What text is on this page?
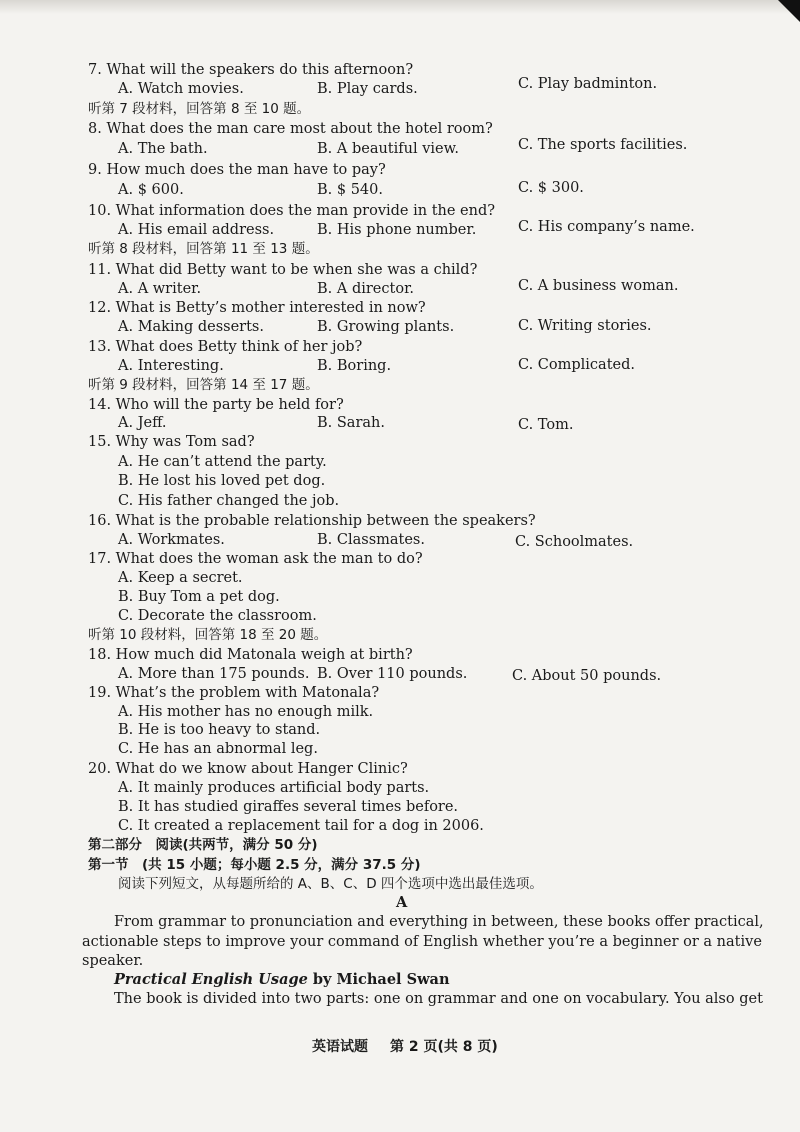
7. What will the speakers do this afternoon?
A. Watch movies.	B. Play cards.	C. Play badminton.
听第 7 段材料，回答第 8 至 10 题。
8. What does the man care most about the hotel room?
A. The bath.	B. A beautiful view.	C. The sports facilities.
9. How much does the man have to pay?
A. $ 600.	B. $ 540.	C. $ 300.
10. What information does the man provide in the end?
A. His email address.	B. His phone number.	C. His company’s name.
听第 8 段材料，回答第 11 至 13 题。
11. What did Betty want to be when she was a child?
A. A writer.	B. A director.	C. A business woman.
12. What is Betty’s mother interested in now?
A. Making desserts.	B. Growing plants.	C. Writing stories.
13. What does Betty think of her job?
A. Interesting.	B. Boring.	C. Complicated.
听第 9 段材料，回答第 14 至 17 题。
14. Who will the party be held for?
A. Jeff.	B. Sarah.	C. Tom.
15. Why was Tom sad?
A. He can’t attend the party.
B. He lost his loved pet dog.
C. His father changed the job.
16. What is the probable relationship between the speakers?
A. Workmates.	B. Classmates.	C. Schoolmates.
17. What does the woman ask the man to do?
A. Keep a secret.
B. Buy Tom a pet dog.
C. Decorate the classroom.
听第 10 段材料，回答第 18 至 20 题。
18. How much did Matonala weigh at birth?
A. More than 175 pounds. B. Over 110 pounds.	C. About 50 pounds.
19. What’s the problem with Matonala?
A. His mother has no enough milk.
B. He is too heavy to stand.
C. He has an abnormal leg.
20. What do we know about Hanger Clinic?
A. It mainly produces artificial body parts.
B. It has studied giraffes several times before.
C. It created a replacement tail for a dog in 2006.
第二部分　阅读(共两节，满分 50 分)
第一节　(共 15 小题；每小题 2.5 分，满分 37.5 分)
阅读下列短文，从每题所给的 A、B、C、D 四个选项中选出最佳选项。
A
From grammar to pronunciation and everything in between, these books offer practical,
actionable steps to improve your command of English whether you’re a beginner or a native
speaker.
Practical English Usage by Michael Swan
The book is divided into two parts: one on grammar and one on vocabulary. You also get
英语试题 第 2 页(共 8 页)
